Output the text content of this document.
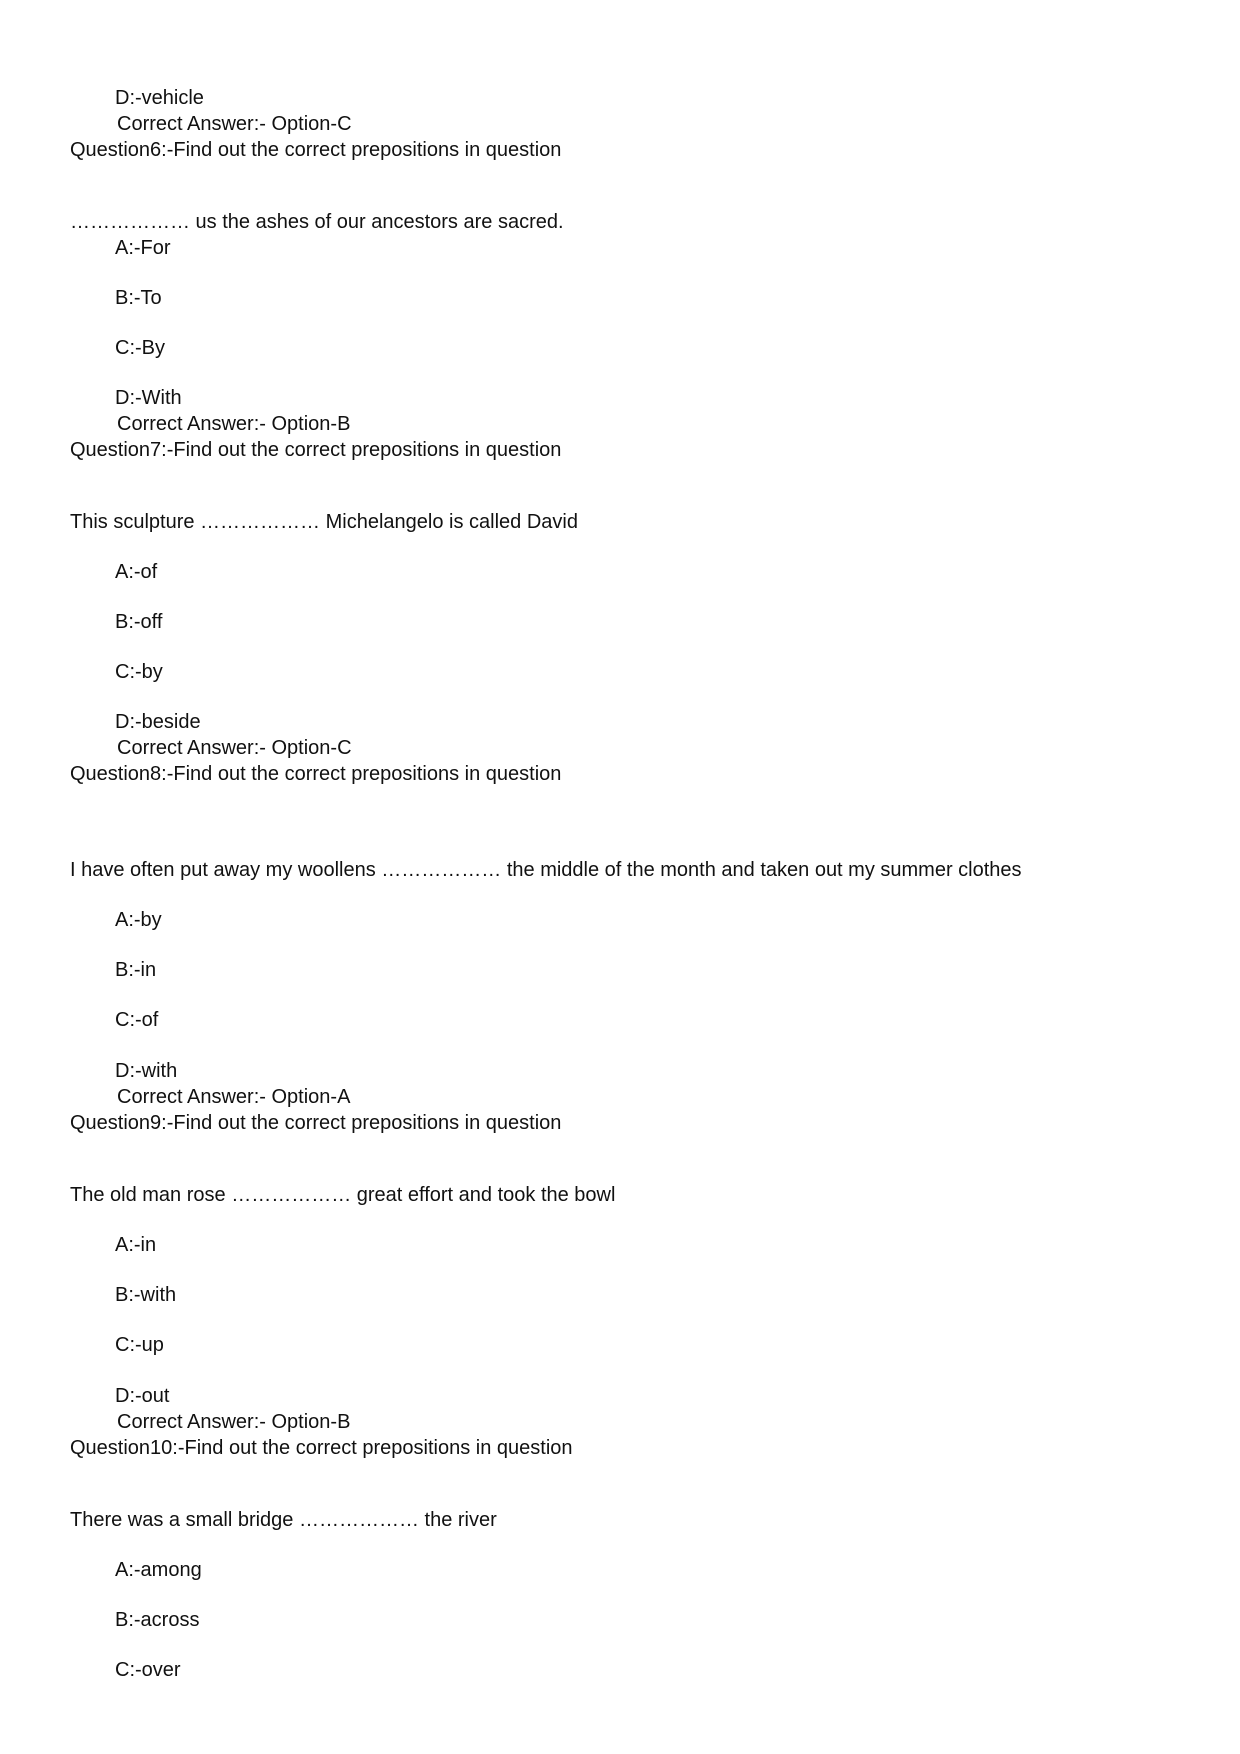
D:-vehicle
Correct Answer:- Option-C
Question6:-Find out the correct prepositions in question
……………… us the ashes of our ancestors are sacred.
A:-For
B:-To
C:-By
D:-With
Correct Answer:- Option-B
Question7:-Find out the correct prepositions in question
This sculpture ……………… Michelangelo is called David
A:-of
B:-off
C:-by
D:-beside
Correct Answer:- Option-C
Question8:-Find out the correct prepositions in question
I have often put away my woollens ……………… the middle of the month and taken out my summer clothes
A:-by
B:-in
C:-of
D:-with
Correct Answer:- Option-A
Question9:-Find out the correct prepositions in question
The old man rose ……………… great effort and took the bowl
A:-in
B:-with
C:-up
D:-out
Correct Answer:- Option-B
Question10:-Find out the correct prepositions in question
There was a small bridge ……………… the river
A:-among
B:-across
C:-over
